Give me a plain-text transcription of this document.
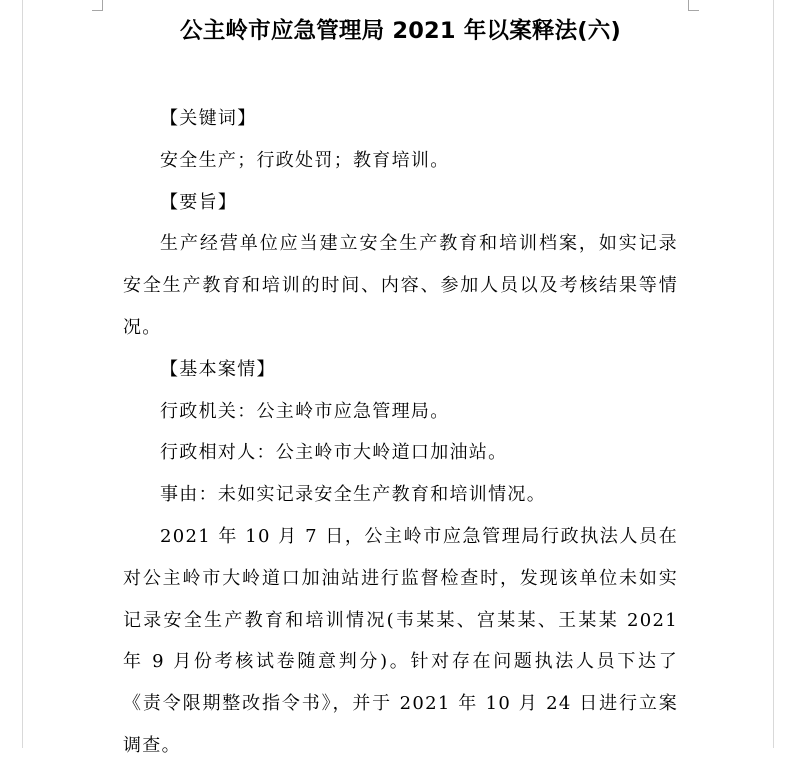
公主岭市应急管理局 2021 年以案释法(六)

【关键词】

安全生产；行政处罚；教育培训。

【要旨】

生产经营单位应当建立安全生产教育和培训档案，如实记录安全生产教育和培训的时间、内容、参加人员以及考核结果等情况。

【基本案情】

行政机关：公主岭市应急管理局。

行政相对人：公主岭市大岭道口加油站。

事由：未如实记录安全生产教育和培训情况。

2021 年 10 月 7 日，公主岭市应急管理局行政执法人员在对公主岭市大岭道口加油站进行监督检查时，发现该单位未如实记录安全生产教育和培训情况(韦某某、宫某某、王某某 2021 年 9 月份考核试卷随意判分)。针对存在问题执法人员下达了《责令限期整改指令书》，并于 2021 年 10 月 24 日进行立案调查。
